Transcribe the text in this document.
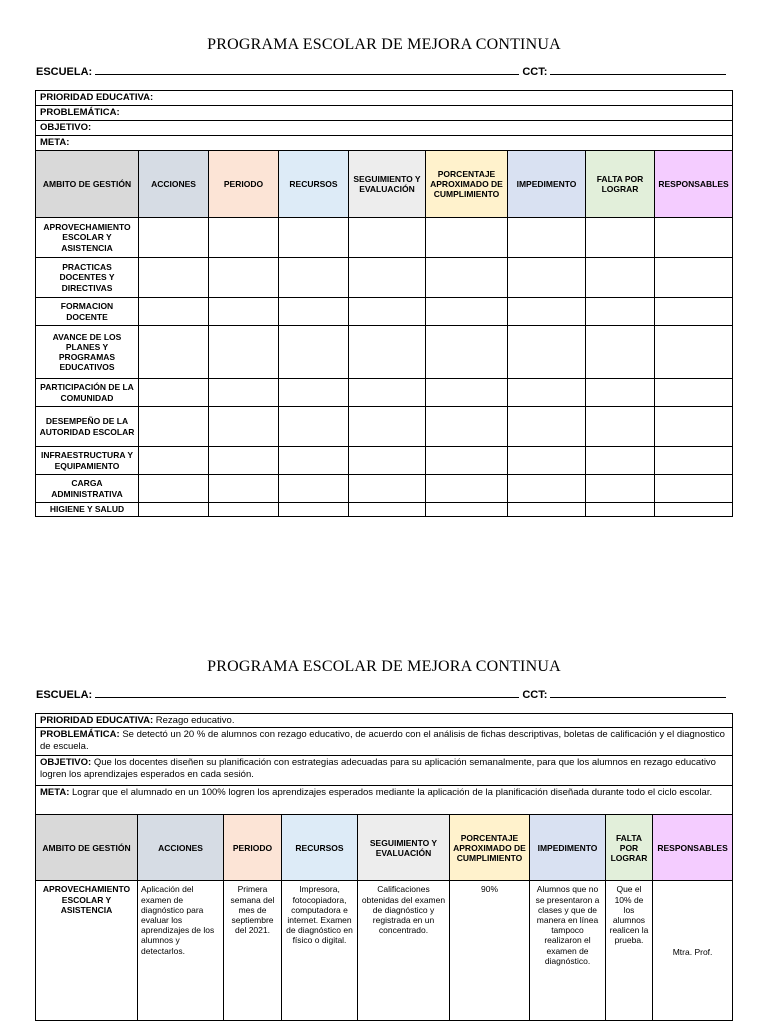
PROGRAMA ESCOLAR DE MEJORA CONTINUA
ESCUELA:	CCT:
PRIORIDAD EDUCATIVA:								
PROBLEMÁTICA:								
OBJETIVO:								
META:								
AMBITO DE GESTIÓN	ACCIONES	PERIODO	RECURSOS	SEGUIMIENTO Y EVALUACIÓN	PORCENTAJE APROXIMADO DE CUMPLIMIENTO	IMPEDIMENTO	FALTA POR LOGRAR	RESPONSABLES
APROVECHAMIENTO ESCOLAR Y ASISTENCIA								
PRACTICAS DOCENTES Y DIRECTIVAS								
FORMACION DOCENTE								
AVANCE DE LOS PLANES Y PROGRAMAS EDUCATIVOS								
PARTICIPACIÓN DE LA COMUNIDAD								
DESEMPEÑO DE LA AUTORIDAD ESCOLAR								
INFRAESTRUCTURA Y EQUIPAMIENTO								
CARGA ADMINISTRATIVA								
HIGIENE Y SALUD								
PROGRAMA ESCOLAR DE MEJORA CONTINUA
ESCUELA:	CCT:
PRIORIDAD EDUCATIVA: Rezago educativo.								
PROBLEMÁTICA: Se detectó un 20 % de alumnos con rezago educativo, de acuerdo con el análisis de fichas descriptivas, boletas de calificación y el diagnostico de escuela.								
OBJETIVO: Que los docentes diseñen su planificación con estrategias adecuadas para su aplicación semanalmente, para que los alumnos en rezago educativo logren los aprendizajes esperados en cada sesión.								
META: Lograr que el alumnado en un 100% logren los aprendizajes esperados mediante la aplicación de la planificación diseñada durante todo el ciclo escolar.								
AMBITO DE GESTIÓN	ACCIONES	PERIODO	RECURSOS	SEGUIMIENTO Y EVALUACIÓN	PORCENTAJE APROXIMADO DE CUMPLIMIENTO	IMPEDIMENTO	FALTA POR LOGRAR	RESPONSABLES
APROVECHAMIENTO ESCOLAR Y ASISTENCIA	Aplicación del examen de diagnóstico para evaluar los aprendizajes de los alumnos y detectarlos.	Primera semana del mes de septiembre del 2021.	Impresora, fotocopiadora, computadora e internet. Examen de diagnóstico en físico o digital.	Calificaciones obtenidas del examen de diagnóstico y registrada en un concentrado.	90%	Alumnos que no se presentaron a clases y que de manera en línea tampoco realizaron el examen de diagnóstico.	Que el 10% de los alumnos realicen la prueba.	Mtra. Prof.
